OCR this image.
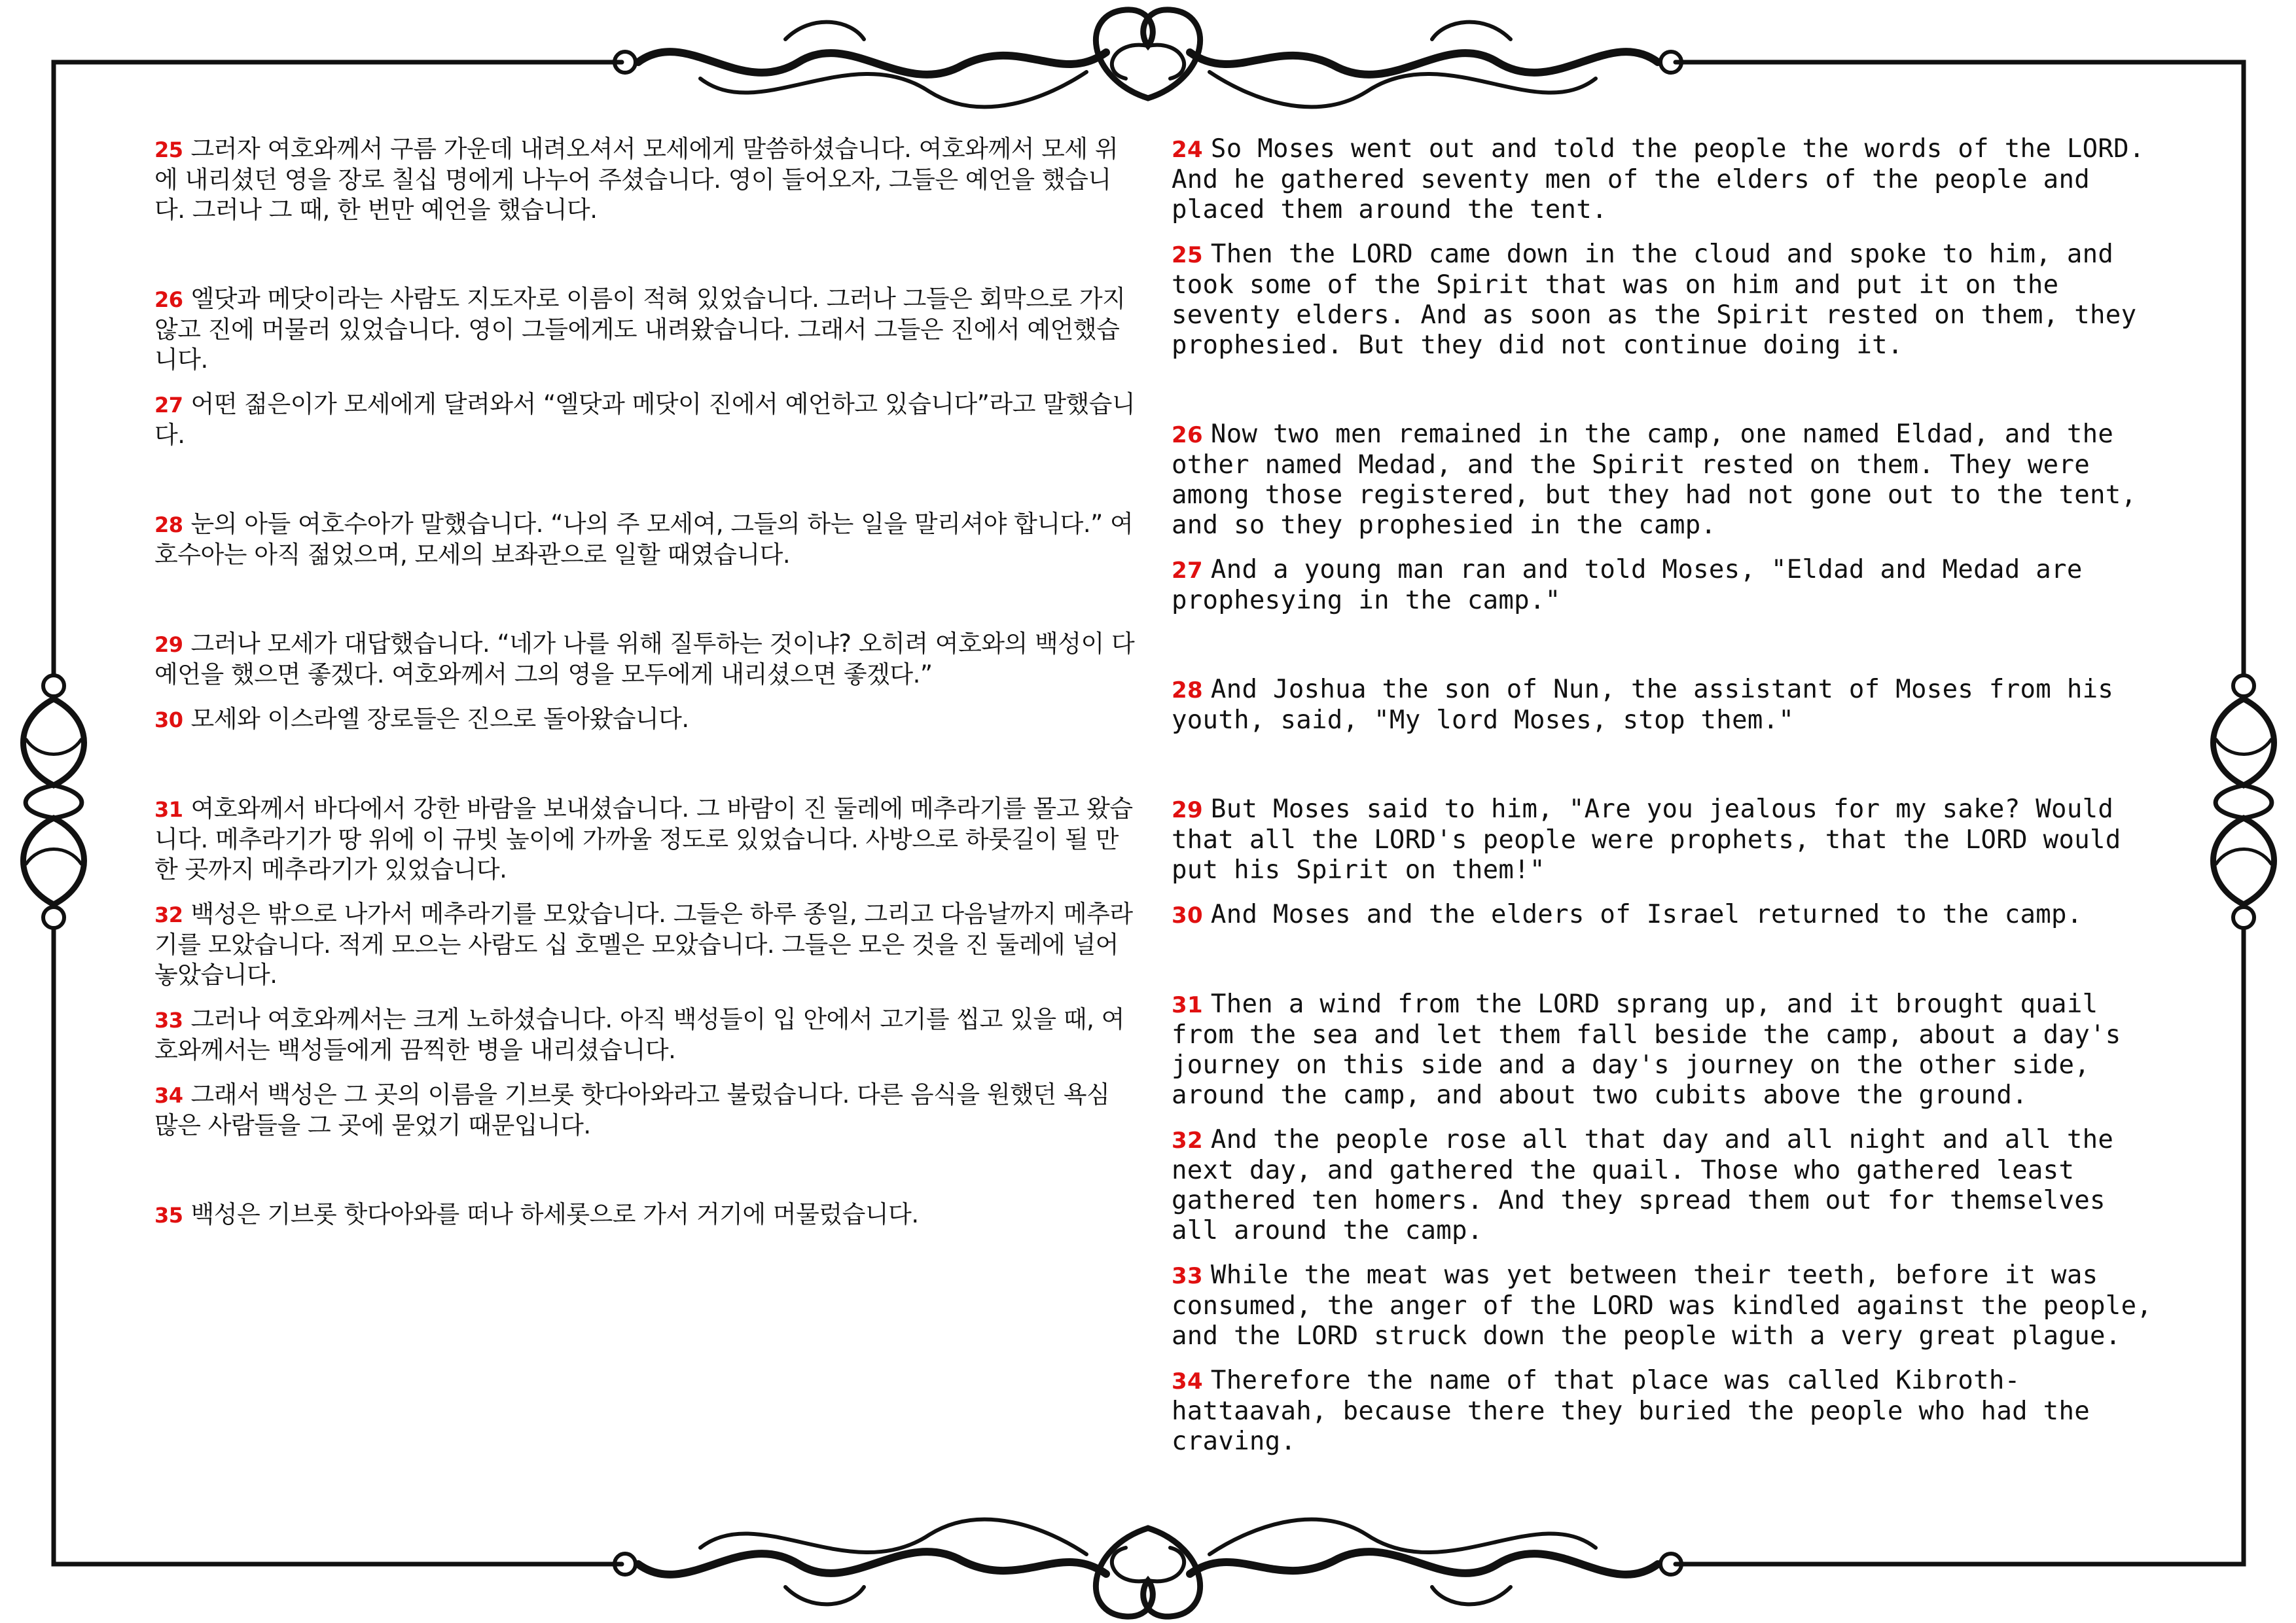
25 그러자 여호와께서 구름 가운데 내려오셔서 모세에게 말씀하셨습니다. 여호와께서 모세 위에 내리셨던 영을 장로 칠십 명에게 나누어 주셨습니다. 영이 들어오자, 그들은 예언을 했습니다. 그러나 그 때, 한 번만 예언을 했습니다.

26 엘닷과 메닷이라는 사람도 지도자로 이름이 적혀 있었습니다. 그러나 그들은 회막으로 가지 않고 진에 머물러 있었습니다. 영이 그들에게도 내려왔습니다. 그래서 그들은 진에서 예언했습니다.

27 어떤 젊은이가 모세에게 달려와서 “엘닷과 메닷이 진에서 예언하고 있습니다”라고 말했습니다.

28 눈의 아들 여호수아가 말했습니다. “나의 주 모세여, 그들의 하는 일을 말리셔야 합니다.” 여호수아는 아직 젊었으며, 모세의 보좌관으로 일할 때였습니다.

29 그러나 모세가 대답했습니다. “네가 나를 위해 질투하는 것이냐? 오히려 여호와의 백성이 다 예언을 했으면 좋겠다. 여호와께서 그의 영을 모두에게 내리셨으면 좋겠다.”

30 모세와 이스라엘 장로들은 진으로 돌아왔습니다.

31 여호와께서 바다에서 강한 바람을 보내셨습니다. 그 바람이 진 둘레에 메추라기를 몰고 왔습니다. 메추라기가 땅 위에 이 규빗 높이에 가까울 정도로 있었습니다. 사방으로 하룻길이 될 만한 곳까지 메추라기가 있었습니다.

32 백성은 밖으로 나가서 메추라기를 모았습니다. 그들은 하루 종일, 그리고 다음날까지 메추라기를 모았습니다. 적게 모으는 사람도 십 호멜은 모았습니다. 그들은 모은 것을 진 둘레에 널어 놓았습니다.

33 그러나 여호와께서는 크게 노하셨습니다. 아직 백성들이 입 안에서 고기를 씹고 있을 때, 여호와께서는 백성들에게 끔찍한 병을 내리셨습니다.

34 그래서 백성은 그 곳의 이름을 기브롯 핫다아와라고 불렀습니다. 다른 음식을 원했던 욕심 많은 사람들을 그 곳에 묻었기 때문입니다.

35 백성은 기브롯 핫다아와를 떠나 하세롯으로 가서 거기에 머물렀습니다.

24 So Moses went out and told the people the words of the LORD. And he gathered seventy men of the elders of the people and placed them around the tent.

25 Then the LORD came down in the cloud and spoke to him, and took some of the Spirit that was on him and put it on the seventy elders. And as soon as the Spirit rested on them, they prophesied. But they did not continue doing it.

26 Now two men remained in the camp, one named Eldad, and the other named Medad, and the Spirit rested on them. They were among those registered, but they had not gone out to the tent, and so they prophesied in the camp.

27 And a young man ran and told Moses, "Eldad and Medad are prophesying in the camp."

28 And Joshua the son of Nun, the assistant of Moses from his youth, said, "My lord Moses, stop them."

29 But Moses said to him, "Are you jealous for my sake? Would that all the LORD's people were prophets, that the LORD would put his Spirit on them!"

30 And Moses and the elders of Israel returned to the camp.

31 Then a wind from the LORD sprang up, and it brought quail from the sea and let them fall beside the camp, about a day's journey on this side and a day's journey on the other side, around the camp, and about two cubits above the ground.

32 And the people rose all that day and all night and all the next day, and gathered the quail. Those who gathered least gathered ten homers. And they spread them out for themselves all around the camp.

33 While the meat was yet between their teeth, before it was consumed, the anger of the LORD was kindled against the people, and the LORD struck down the people with a very great plague.

34 Therefore the name of that place was called Kibroth-hattaavah, because there they buried the people who had the craving.
